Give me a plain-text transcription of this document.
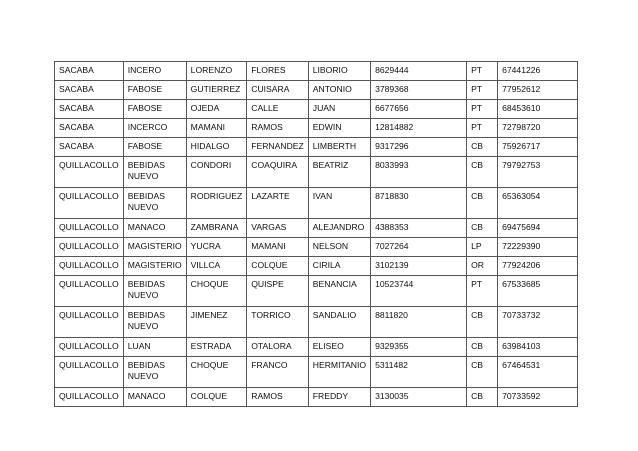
SACABA	INCERO	LORENZO	FLORES	LIBORIO	8629444	PT	67441226
SACABA	FABOSE	GUTIERREZ	CUISARA	ANTONIO	3789368	PT	77952612
SACABA	FABOSE	OJEDA	CALLE	JUAN	6677656	PT	68453610
SACABA	INCERCO	MAMANI	RAMOS	EDWIN	12814882	PT	72798720
SACABA	FABOSE	HIDALGO	FERNANDEZ	LIMBERTH	9317296	CB	75926717
QUILLACOLLO	BEBIDAS NUEVO	CONDORI	COAQUIRA	BEATRIZ	8033993	CB	79792753
QUILLACOLLO	BEBIDAS NUEVO	RODRIGUEZ	LAZARTE	IVAN	8718830	CB	65363054
QUILLACOLLO	MANACO	ZAMBRANA	VARGAS	ALEJANDRO	4388353	CB	69475694
QUILLACOLLO	MAGISTERIO	YUCRA	MAMANI	NELSON	7027264	LP	72229390
QUILLACOLLO	MAGISTERIO	VILLCA	COLQUE	CIRILA	3102139	OR	77924206
QUILLACOLLO	BEBIDAS NUEVO	CHOQUE	QUISPE	BENANCIA	10523744	PT	67533685
QUILLACOLLO	BEBIDAS NUEVO	JIMENEZ	TORRICO	SANDALIO	8811820	CB	70733732
QUILLACOLLO	LUAN	ESTRADA	OTALORA	ELISEO	9329355	CB	63984103
QUILLACOLLO	BEBIDAS NUEVO	CHOQUE	FRANCO	HERMITANIO	5311482	CB	67464531
QUILLACOLLO	MANACO	COLQUE	RAMOS	FREDDY	3130035	CB	70733592
